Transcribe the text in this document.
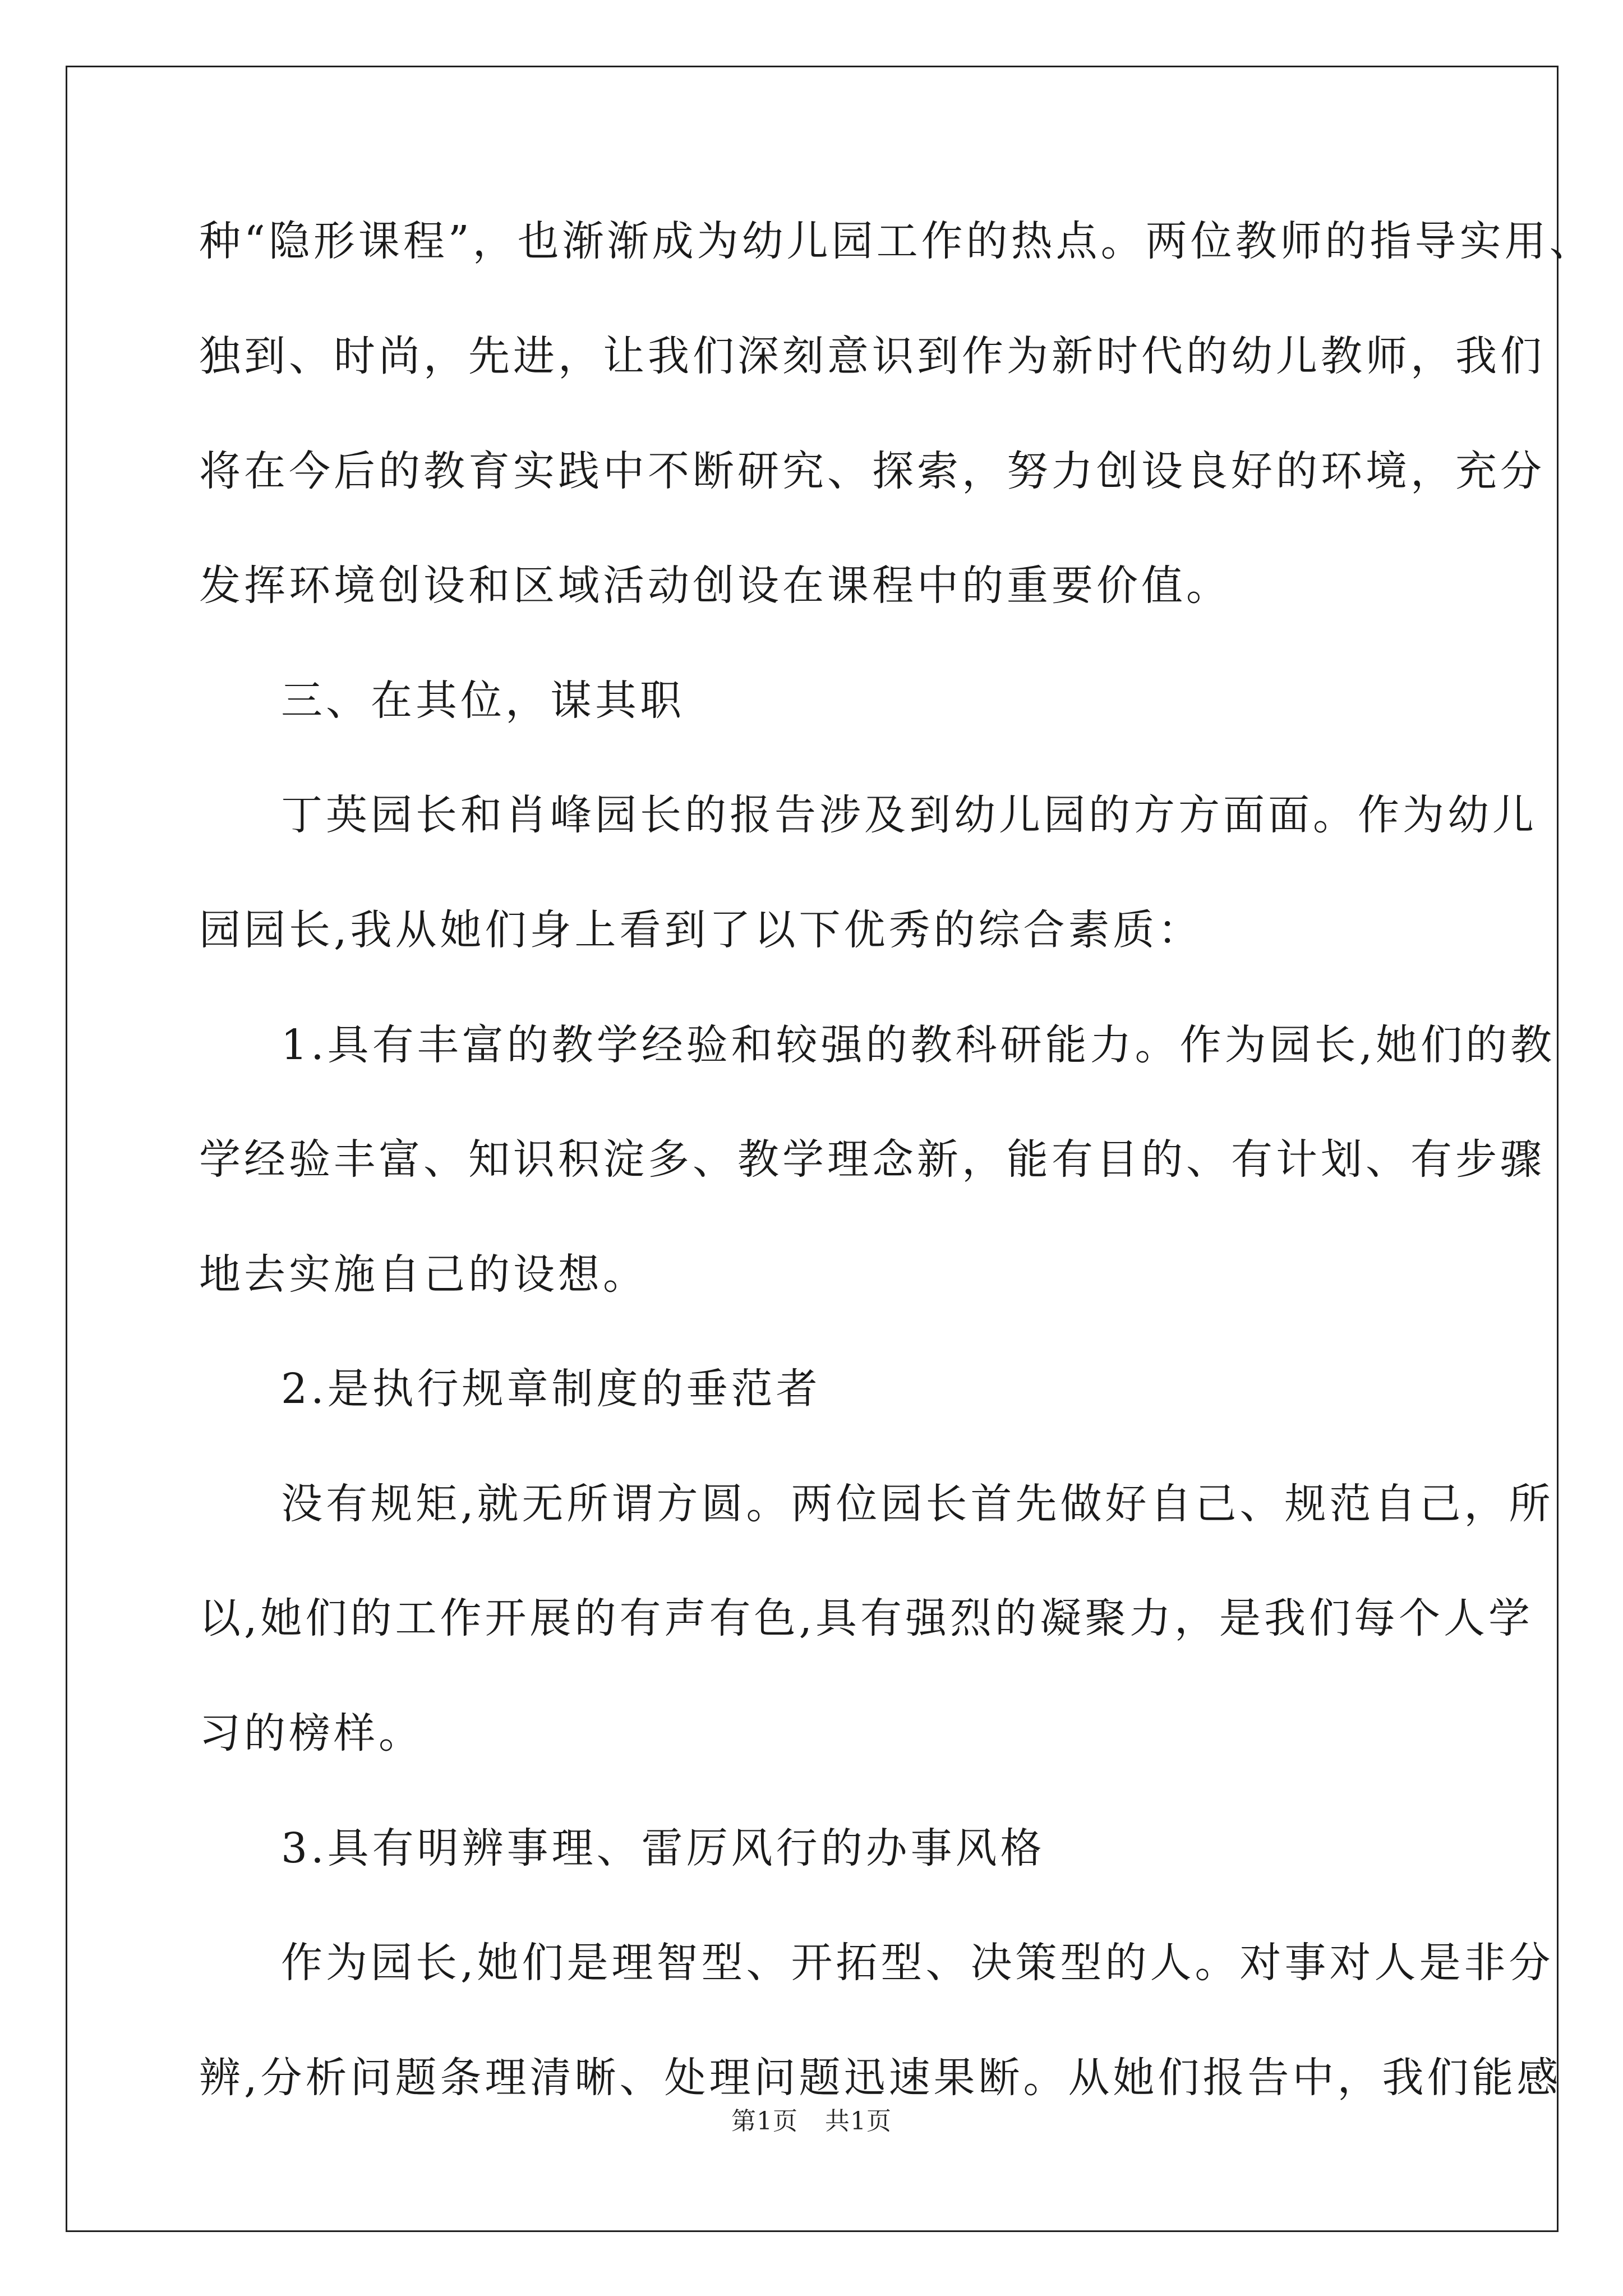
种“隐形课程”，也渐渐成为幼儿园工作的热点。两位教师的指导实用、
独到、时尚，先进，让我们深刻意识到作为新时代的幼儿教师，我们
将在今后的教育实践中不断研究、探索，努力创设良好的环境，充分
发挥环境创设和区域活动创设在课程中的重要价值。
三、在其位，谋其职
丁英园长和肖峰园长的报告涉及到幼儿园的方方面面。作为幼儿
园园长,我从她们身上看到了以下优秀的综合素质：
1.具有丰富的教学经验和较强的教科研能力。作为园长,她们的教
学经验丰富、知识积淀多、教学理念新，能有目的、有计划、有步骤
地去实施自己的设想。
2.是执行规章制度的垂范者
没有规矩,就无所谓方圆。两位园长首先做好自己、规范自己，所
以,她们的工作开展的有声有色,具有强烈的凝聚力，是我们每个人学
习的榜样。
3.具有明辨事理、雷厉风行的办事风格
作为园长,她们是理智型、开拓型、决策型的人。对事对人是非分
辨,分析问题条理清晰、处理问题迅速果断。从她们报告中，我们能感
第1页 共1页
